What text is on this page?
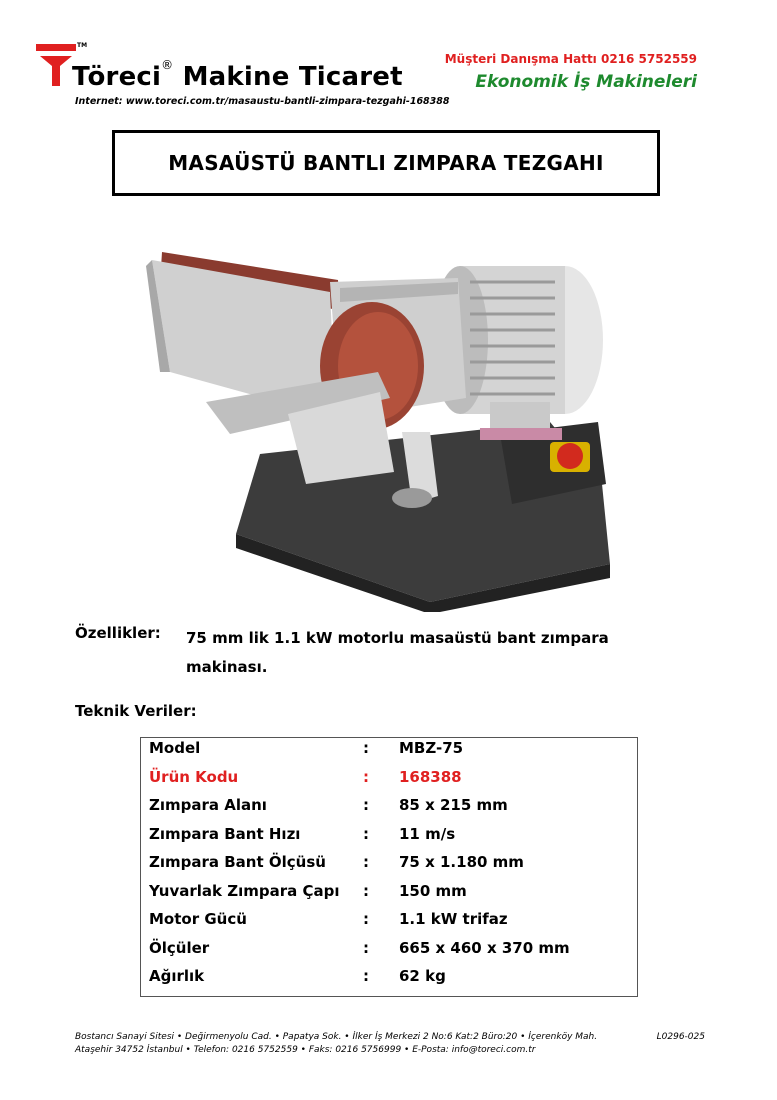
TM
Töreci® Makine Ticaret
Internet: www.toreci.com.tr/masaustu-bantli-zimpara-tezgahi-168388
Müşteri Danışma Hattı 0216 5752559
Ekonomik İş Makineleri
MASAÜSTÜ BANTLI ZIMPARA TEZGAHI
Özellikler: 75 mm lik 1.1 kW motorlu masaüstü bant zımpara makinası.
Teknik Veriler:
Model	: MBZ-75
Ürün Kodu	: 168388
Zımpara Alanı	: 85 x 215 mm
Zımpara Bant Hızı	: 11 m/s
Zımpara Bant Ölçüsü : 75 x 1.180 mm
Yuvarlak Zımpara Çapı : 150 mm
Motor Gücü	: 1.1 kW trifaz
Ölçüler	: 665 x 460 x 370 mm
Ağırlık	: 62 kg
Bostancı Sanayi Sitesi • Değirmenyolu Cad. • Papatya Sok. • İlker İş Merkezi 2 No:6 Kat:2 Büro:20 • İçerenköy Mah.
Ataşehir 34752 İstanbul • Telefon: 0216 5752559 • Faks: 0216 5756999 • E-Posta: info@toreci.com.tr
L0296-025
